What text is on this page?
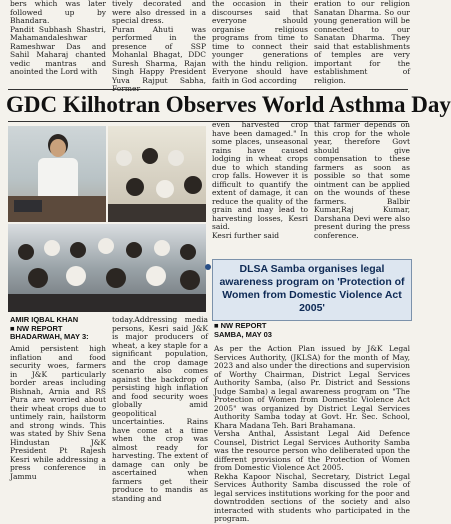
bers which was later followed up by Bhandara.
Pandit Subhash Shastri, Mahamandaleshwar Rameshwar Das and Sahil Maharaj chanted vedic mantras and anointed the Lord with
tively decorated and were also dressed in a special dress.
Puran Ahuti was performed in the presence of SSP Mohanlal Bhagat, DDC Suresh Sharma, Rajan Singh Happy President Yuva Rajput Sabha,
the occasion in their discourses said that everyone should organise religious programs from time to time to connect their younger generations with the hindu religion. Everyone should have faith in God according
eration to our religion Sanatan Dharma. So our young generation will be connected to our Sanatan Dharma. They said that establishments of temples are very important for the establishment of religion.
GDC Kilhotran Observes World Asthma Day
even harvested crop have been damaged." In some places, unseasonal rains have caused lodging in wheat crops due to which standing crop falls. However it is difficult to quantify the extent of damage, it can reduce the quality of the grain and may lead to harvesting losses, Kesri said.
Kesri further said
that farmer depends on this crop for the whole year, therefore Govt should give compensation to these farmers as soon as possible so that some ointment can be applied on the wounds of these farmers. Balbir Kumar,Raj Kumar, Darshana Devi were also present during the press conference.
DLSA Samba organises legal awareness program on 'Protection of Women from Domestic Violence Act 2005'
AMIR IQBAL KHAN
■ NW REPORT
BHADARWAH, MAY 3:
■ NW REPORT
SAMBA, MAY 03
Amid persistent high inflation and food security woes, farmers in J&K particularly border areas including Bishnah, Arnia and RS Pura are worried about their wheat crops due to untimely rain, hailstorm and strong winds. This was stated by Shiv Sena Hindustan J&K President Pt Rajesh Kesri while addressing a press conference in Jammu
today.Addressing media persons, Kesri said J&K is major producers of wheat, a key staple for a significant population, and the crop damage scenario also comes against the backdrop of persisting high inflation and food security woes globally amid geopolitical uncertainties. Rains have come at a time when the crop was almost ready for harvesting. The extent of damage can only be ascertained when farmers get their produce to mandis as standing and
As per the Action Plan issued by J&K Legal Services Authority, (JKLSA) for the month of May, 2023 and also under the directions and supervision of Worthy Chairman, District Legal Services Authority Samba, (also Pr. District and Sessions Judge Samba) a legal awareness program on "The Protection of Women from Domestic Violence Act 2005" was organized by District Legal Services Authority Samba today at Govt. Hr. Sec. School, Khara Madana Teh. Bari Brahamana.
Versha Anthal, Assistant Legal Aid Defence Counsel, District Legal Services Authority Samba was the resource person who deliberated upon the different provisions of the Protection of Women from Domestic Violence Act 2005.
Rekha Kapoor Nischal, Secretary, District Legal Services Authority Samba discussed the role of legal services institutions working for the poor and downtrodden sections of the society and also interacted with students who participated in the program.
